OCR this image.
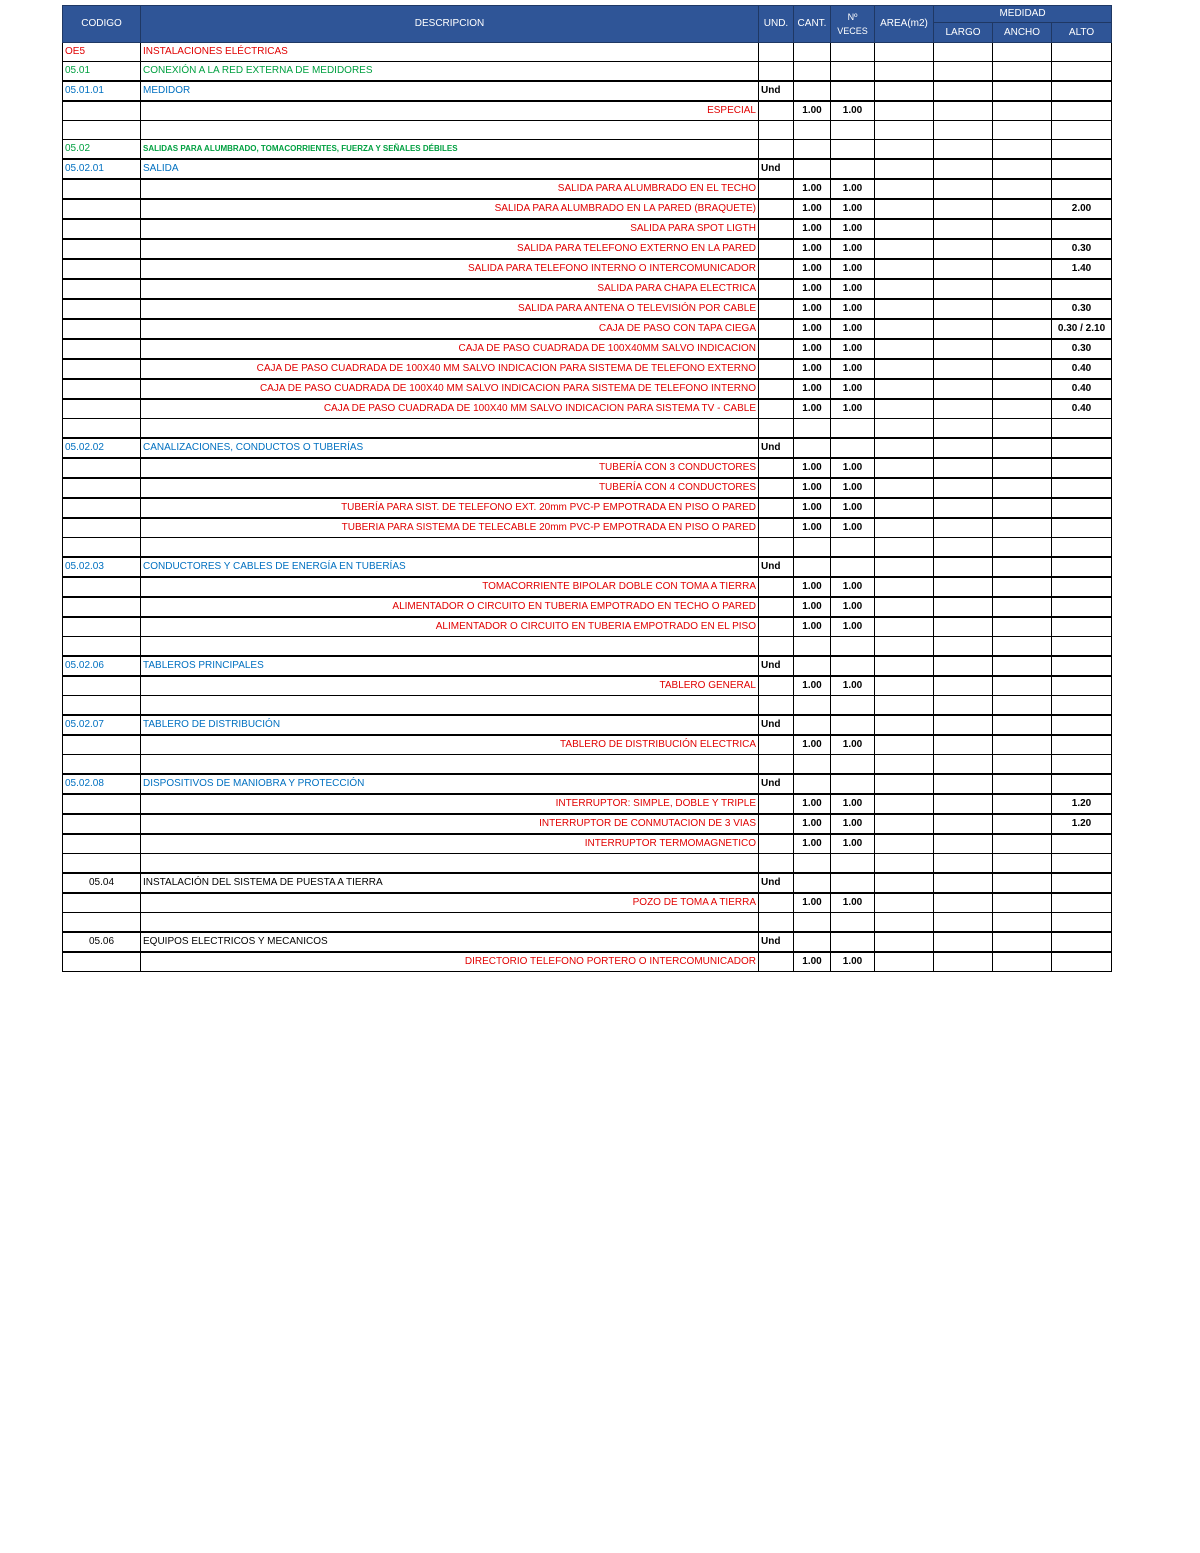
CODIGO	DESCRIPCION	UND.	CANT.	Nº VECES	AREA(m2)	MEDIDAD		
						LARGO	ANCHO	ALTO
OE5	INSTALACIONES ELÉCTRICAS							
05.01	CONEXIÓN A LA RED EXTERNA DE MEDIDORES							
05.01.01	MEDIDOR	Und						
	ESPECIAL		1.00	1.00				

05.02	SALIDAS PARA ALUMBRADO, TOMACORRIENTES, FUERZA Y SEÑALES DÉBILES							
05.02.01	SALIDA	Und						
	SALIDA PARA ALUMBRADO EN EL TECHO		1.00	1.00				
	SALIDA PARA ALUMBRADO EN LA PARED (BRAQUETE)		1.00	1.00				2.00
	SALIDA PARA SPOT LIGTH		1.00	1.00				
	SALIDA PARA TELEFONO EXTERNO EN LA PARED		1.00	1.00				0.30
	SALIDA PARA TELEFONO INTERNO O INTERCOMUNICADOR		1.00	1.00				1.40
	SALIDA PARA CHAPA ELECTRICA		1.00	1.00				
	SALIDA PARA ANTENA O TELEVISIÓN POR CABLE		1.00	1.00				0.30
	CAJA DE PASO CON TAPA CIEGA		1.00	1.00				0.30 / 2.10
	CAJA DE PASO CUADRADA DE 100X40MM SALVO INDICACION		1.00	1.00				0.30
	CAJA DE PASO CUADRADA DE 100X40 MM SALVO INDICACION PARA SISTEMA DE TELEFONO EXTERNO		1.00	1.00				0.40
	CAJA DE PASO CUADRADA DE 100X40 MM SALVO INDICACION PARA SISTEMA DE TELEFONO INTERNO		1.00	1.00				0.40
	CAJA DE PASO CUADRADA DE 100X40 MM SALVO INDICACION PARA SISTEMA TV - CABLE		1.00	1.00				0.40

05.02.02	CANALIZACIONES, CONDUCTOS O TUBERÍAS	Und						
	TUBERÍA CON 3 CONDUCTORES		1.00	1.00				
	TUBERÍA CON 4 CONDUCTORES		1.00	1.00				
	TUBERÍA PARA SIST. DE TELEFONO EXT. 20mm PVC-P EMPOTRADA EN PISO O PARED		1.00	1.00				
	TUBERIA PARA SISTEMA DE TELECABLE 20mm PVC-P EMPOTRADA EN PISO O PARED		1.00	1.00				

05.02.03	CONDUCTORES Y CABLES DE ENERGÍA EN TUBERÍAS	Und						
	TOMACORRIENTE BIPOLAR DOBLE CON TOMA A TIERRA		1.00	1.00				
	ALIMENTADOR O CIRCUITO EN TUBERIA EMPOTRADO EN TECHO O PARED		1.00	1.00				
	ALIMENTADOR O CIRCUITO EN TUBERIA EMPOTRADO EN EL PISO		1.00	1.00				

05.02.06	TABLEROS PRINCIPALES	Und						
	TABLERO GENERAL		1.00	1.00				

05.02.07	TABLERO DE DISTRIBUCIÓN	Und						
	TABLERO DE DISTRIBUCIÓN ELECTRICA		1.00	1.00				

05.02.08	DISPOSITIVOS DE MANIOBRA Y PROTECCIÓN	Und						
	INTERRUPTOR: SIMPLE, DOBLE Y TRIPLE		1.00	1.00				1.20
	INTERRUPTOR DE CONMUTACION DE 3 VIAS		1.00	1.00				1.20
	INTERRUPTOR TERMOMAGNETICO		1.00	1.00				

05.04	INSTALACIÓN DEL SISTEMA DE PUESTA A TIERRA	Und						
	POZO DE TOMA A TIERRA		1.00	1.00				

05.06	EQUIPOS ELECTRICOS Y MECANICOS	Und						
	DIRECTORIO TELEFONO PORTERO O INTERCOMUNICADOR		1.00	1.00				
